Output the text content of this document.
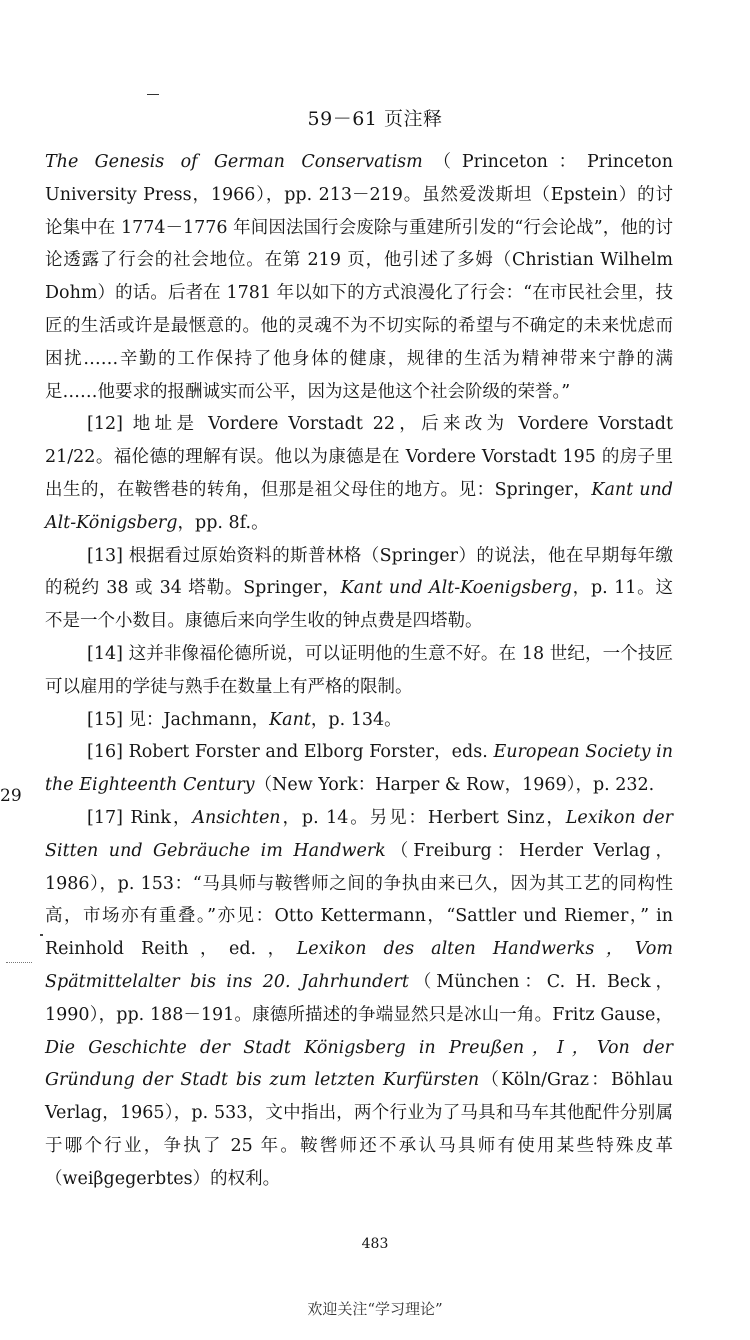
59－61 页注释

The Genesis of German Conservatism（Princeton：Princeton University Press，1966），pp. 213－219。虽然爱泼斯坦（Epstein）的讨论集中在 1774－1776 年间因法国行会废除与重建所引发的“行会论战”，他的讨论透露了行会的社会地位。在第 219 页，他引述了多姆（Christian Wilhelm Dohm）的话。后者在 1781 年以如下的方式浪漫化了行会：“在市民社会里，技匠的生活或许是最惬意的。他的灵魂不为不切实际的希望与不确定的未来忧虑而困扰……辛勤的工作保持了他身体的健康，规律的生活为精神带来宁静的满足……他要求的报酬诚实而公平，因为这是他这个社会阶级的荣誉。”

[12] 地址是 Vordere Vorstadt 22，后来改为 Vordere Vorstadt 21/22。福伦德的理解有误。他以为康德是在 Vordere Vorstadt 195 的房子里出生的，在鞍辔巷的转角，但那是祖父母住的地方。见：Springer，Kant und Alt-Königsberg，pp. 8f.。

[13] 根据看过原始资料的斯普林格（Springer）的说法，他在早期每年缴的税约 38 或 34 塔勒。Springer，Kant und Alt-Koenigsberg，p. 11。这不是一个小数目。康德后来向学生收的钟点费是四塔勒。

[14] 这并非像福伦德所说，可以证明他的生意不好。在 18 世纪，一个技匠可以雇用的学徒与熟手在数量上有严格的限制。

[15] 见：Jachmann，Kant，p. 134。

[16] Robert Forster and Elborg Forster，eds. European Society in the Eighteenth Century（New York：Harper & Row，1969），p. 232.

[17] Rink，Ansichten，p. 14。另见：Herbert Sinz，Lexikon der Sitten und Gebräuche im Handwerk（Freiburg：Herder Verlag，1986），p. 153：“马具师与鞍辔师之间的争执由来已久，因为其工艺的同构性高，市场亦有重叠。”亦见：Otto Kettermann，“Sattler und Riemer，” in Reinhold Reith，ed.，Lexikon des alten Handwerks，Vom Spätmittelalter bis ins 20. Jahrhundert（München：C. H. Beck，1990），pp. 188－191。康德所描述的争端显然只是冰山一角。Fritz Gause，Die Geschichte der Stadt Königsberg in Preußen，I，Von der Gründung der Stadt bis zum letzten Kurfürsten（Köln/Graz：Böhlau Verlag，1965），p. 533，文中指出，两个行业为了马具和马车其他配件分别属于哪个行业，争执了 25 年。鞍辔师还不承认马具师有使用某些特殊皮革（weiβgegerbtes）的权利。

29
483
欢迎关注“学习理论”
